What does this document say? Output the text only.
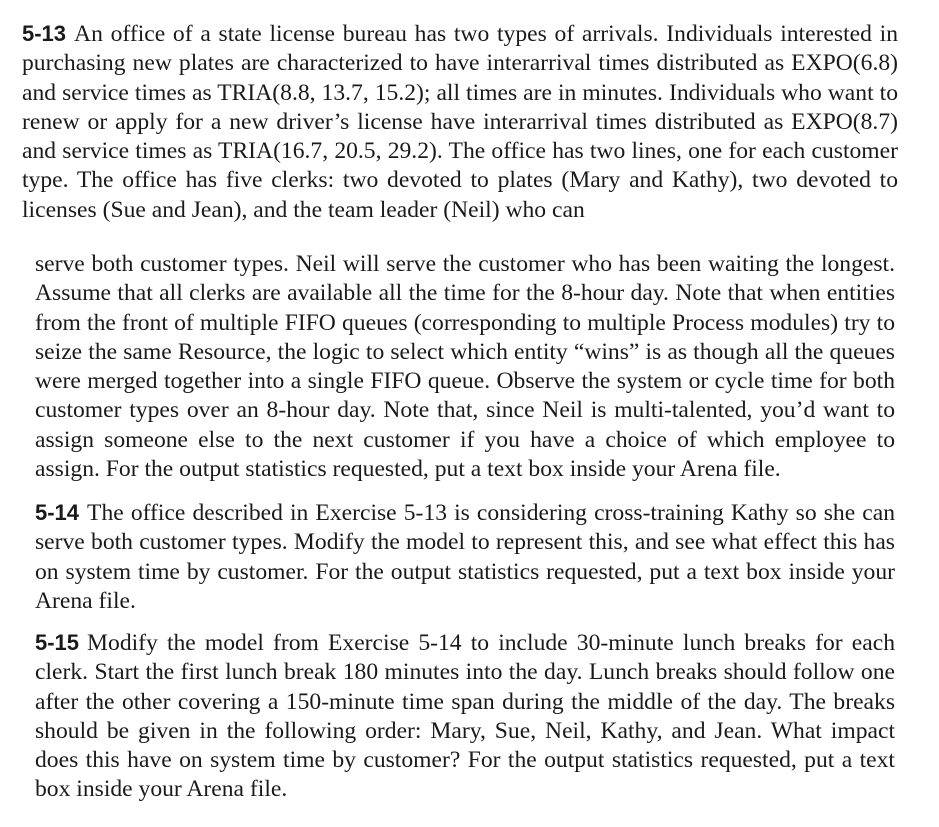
5-13 An office of a state license bureau has two types of arrivals. Individuals interested in purchasing new plates are characterized to have interarrival times distributed as EXPO(6.8) and service times as TRIA(8.8, 13.7, 15.2); all times are in minutes. Individuals who want to renew or apply for a new driver’s license have interarrival times distributed as EXPO(8.7) and service times as TRIA(16.7, 20.5, 29.2). The office has two lines, one for each customer type. The office has five clerks: two devoted to plates (Mary and Kathy), two devoted to licenses (Sue and Jean), and the team leader (Neil) who can

serve both customer types. Neil will serve the customer who has been waiting the longest. Assume that all clerks are available all the time for the 8-hour day. Note that when entities from the front of multiple FIFO queues (corresponding to multiple Process modules) try to seize the same Resource, the logic to select which entity “wins” is as though all the queues were merged together into a single FIFO queue. Observe the system or cycle time for both customer types over an 8-hour day. Note that, since Neil is multi-talented, you’d want to assign someone else to the next customer if you have a choice of which employee to assign. For the output statistics requested, put a text box inside your Arena file.

5-14 The office described in Exercise 5-13 is considering cross-training Kathy so she can serve both customer types. Modify the model to represent this, and see what effect this has on system time by customer. For the output statistics requested, put a text box inside your Arena file.

5-15 Modify the model from Exercise 5-14 to include 30-minute lunch breaks for each clerk. Start the first lunch break 180 minutes into the day. Lunch breaks should follow one after the other covering a 150-minute time span during the middle of the day. The breaks should be given in the following order: Mary, Sue, Neil, Kathy, and Jean. What impact does this have on system time by customer? For the output statistics requested, put a text box inside your Arena file.
